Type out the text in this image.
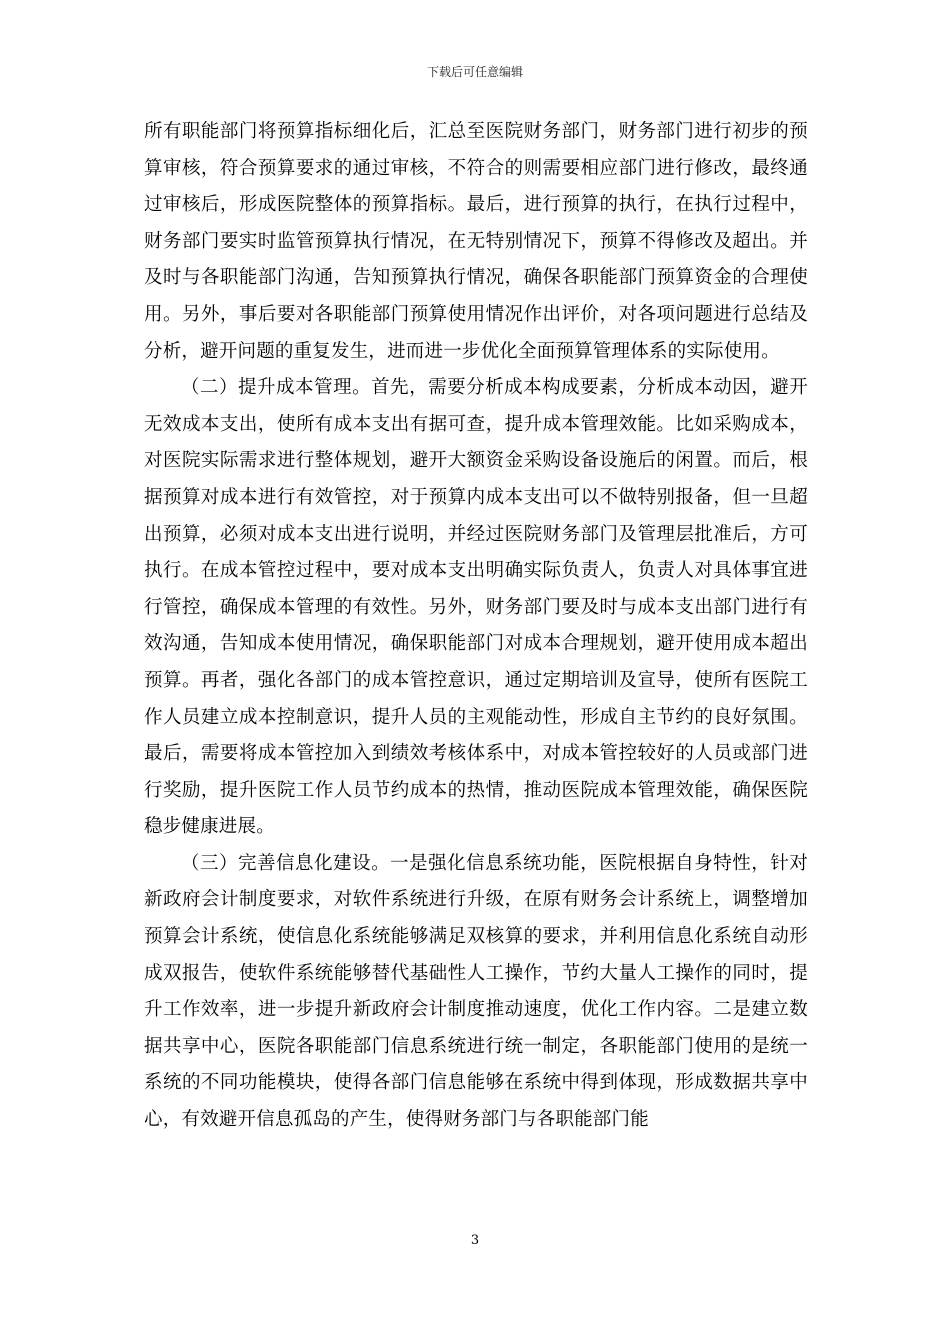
下载后可任意编辑

所有职能部门将预算指标细化后，汇总至医院财务部门，财务部门进行初步的预算审核，符合预算要求的通过审核，不符合的则需要相应部门进行修改，最终通过审核后，形成医院整体的预算指标。最后，进行预算的执行，在执行过程中，财务部门要实时监管预算执行情况，在无特别情况下，预算不得修改及超出。并及时与各职能部门沟通，告知预算执行情况，确保各职能部门预算资金的合理使用。另外，事后要对各职能部门预算使用情况作出评价，对各项问题进行总结及分析，避开问题的重复发生，进而进一步优化全面预算管理体系的实际使用。

（二）提升成本管理。首先，需要分析成本构成要素，分析成本动因，避开无效成本支出，使所有成本支出有据可查，提升成本管理效能。比如采购成本，对医院实际需求进行整体规划，避开大额资金采购设备设施后的闲置。而后，根据预算对成本进行有效管控，对于预算内成本支出可以不做特别报备，但一旦超出预算，必须对成本支出进行说明，并经过医院财务部门及管理层批准后，方可执行。在成本管控过程中，要对成本支出明确实际负责人，负责人对具体事宜进行管控，确保成本管理的有效性。另外，财务部门要及时与成本支出部门进行有效沟通，告知成本使用情况，确保职能部门对成本合理规划，避开使用成本超出预算。再者，强化各部门的成本管控意识，通过定期培训及宣导，使所有医院工作人员建立成本控制意识，提升人员的主观能动性，形成自主节约的良好氛围。最后，需要将成本管控加入到绩效考核体系中，对成本管控较好的人员或部门进行奖励，提升医院工作人员节约成本的热情，推动医院成本管理效能，确保医院稳步健康进展。

（三）完善信息化建设。一是强化信息系统功能，医院根据自身特性，针对新政府会计制度要求，对软件系统进行升级，在原有财务会计系统上，调整增加预算会计系统，使信息化系统能够满足双核算的要求，并利用信息化系统自动形成双报告，使软件系统能够替代基础性人工操作，节约大量人工操作的同时，提升工作效率，进一步提升新政府会计制度推动速度，优化工作内容。二是建立数据共享中心，医院各职能部门信息系统进行统一制定，各职能部门使用的是统一系统的不同功能模块，使得各部门信息能够在系统中得到体现，形成数据共享中心，有效避开信息孤岛的产生，使得财务部门与各职能部门能

3
